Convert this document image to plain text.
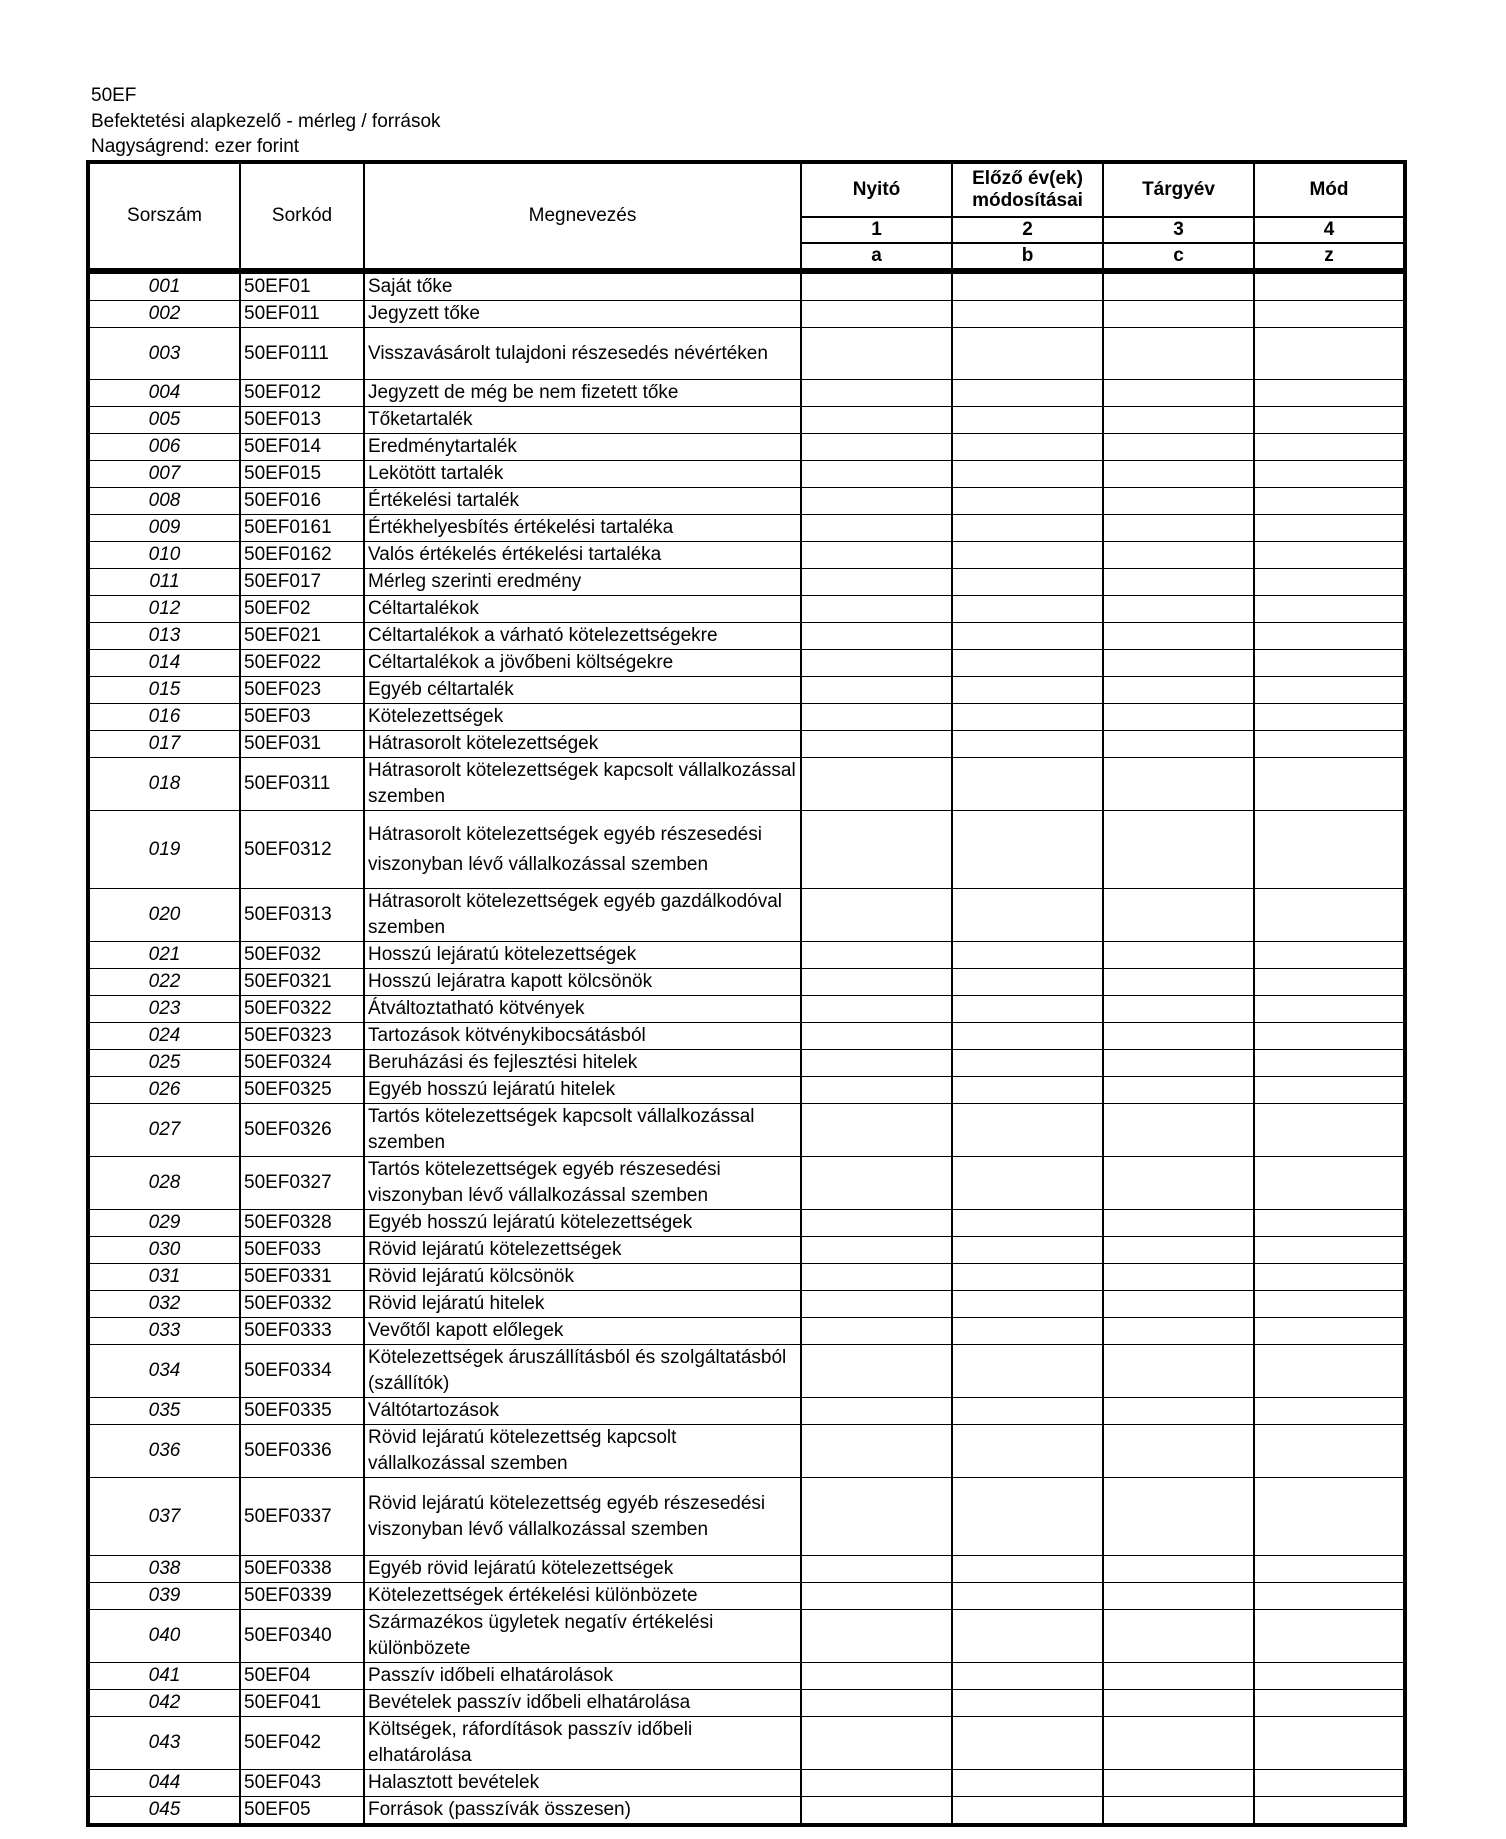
50EF
Befektetési alapkezelő - mérleg / források
Nagyságrend: ezer forint
Sorszám	Sorkód	Megnevezés	Nyitó	Előző év(ek) módosításai	Tárgyév	Mód
			1	2	3	4
			a	b	c	z

001	50EF01	Saját tőke				
002	50EF011	Jegyzett tőke				
003	50EF0111	Visszavásárolt tulajdoni részesedés névértéken				
004	50EF012	Jegyzett de még be nem fizetett tőke				
005	50EF013	Tőketartalék				
006	50EF014	Eredménytartalék				
007	50EF015	Lekötött tartalék				
008	50EF016	Értékelési tartalék				
009	50EF0161	Értékhelyesbítés értékelési tartaléka				
010	50EF0162	Valós értékelés értékelési tartaléka				
011	50EF017	Mérleg szerinti eredmény				
012	50EF02	Céltartalékok				
013	50EF021	Céltartalékok a várható kötelezettségekre				
014	50EF022	Céltartalékok a jövőbeni költségekre				
015	50EF023	Egyéb céltartalék				
016	50EF03	Kötelezettségek				
017	50EF031	Hátrasorolt kötelezettségek				
018	50EF0311	Hátrasorolt kötelezettségek kapcsolt vállalkozással szemben				
019	50EF0312	Hátrasorolt kötelezettségek egyéb részesedési viszonyban lévő vállalkozással szemben				
020	50EF0313	Hátrasorolt kötelezettségek egyéb gazdálkodóval szemben				
021	50EF032	Hosszú lejáratú kötelezettségek				
022	50EF0321	Hosszú lejáratra kapott kölcsönök				
023	50EF0322	Átváltoztatható kötvények				
024	50EF0323	Tartozások kötvénykibocsátásból				
025	50EF0324	Beruházási és fejlesztési hitelek				
026	50EF0325	Egyéb hosszú lejáratú hitelek				
027	50EF0326	Tartós kötelezettségek kapcsolt vállalkozással szemben				
028	50EF0327	Tartós kötelezettségek egyéb részesedési viszonyban lévő vállalkozással szemben				
029	50EF0328	Egyéb hosszú lejáratú kötelezettségek				
030	50EF033	Rövid lejáratú kötelezettségek				
031	50EF0331	Rövid lejáratú kölcsönök				
032	50EF0332	Rövid lejáratú hitelek				
033	50EF0333	Vevőtől kapott előlegek				
034	50EF0334	Kötelezettségek áruszállításból és szolgáltatásból (szállítók)				
035	50EF0335	Váltótartozások				
036	50EF0336	Rövid lejáratú kötelezettség kapcsolt vállalkozással szemben				
037	50EF0337	Rövid lejáratú kötelezettség egyéb részesedési viszonyban lévő vállalkozással szemben				
038	50EF0338	Egyéb rövid lejáratú kötelezettségek				
039	50EF0339	Kötelezettségek értékelési különbözete				
040	50EF0340	Származékos ügyletek negatív értékelési különbözete				
041	50EF04	Passzív időbeli elhatárolások				
042	50EF041	Bevételek passzív időbeli elhatárolása				
043	50EF042	Költségek, ráfordítások passzív időbeli elhatárolása				
044	50EF043	Halasztott bevételek				
045	50EF05	Források (passzívák összesen)				
